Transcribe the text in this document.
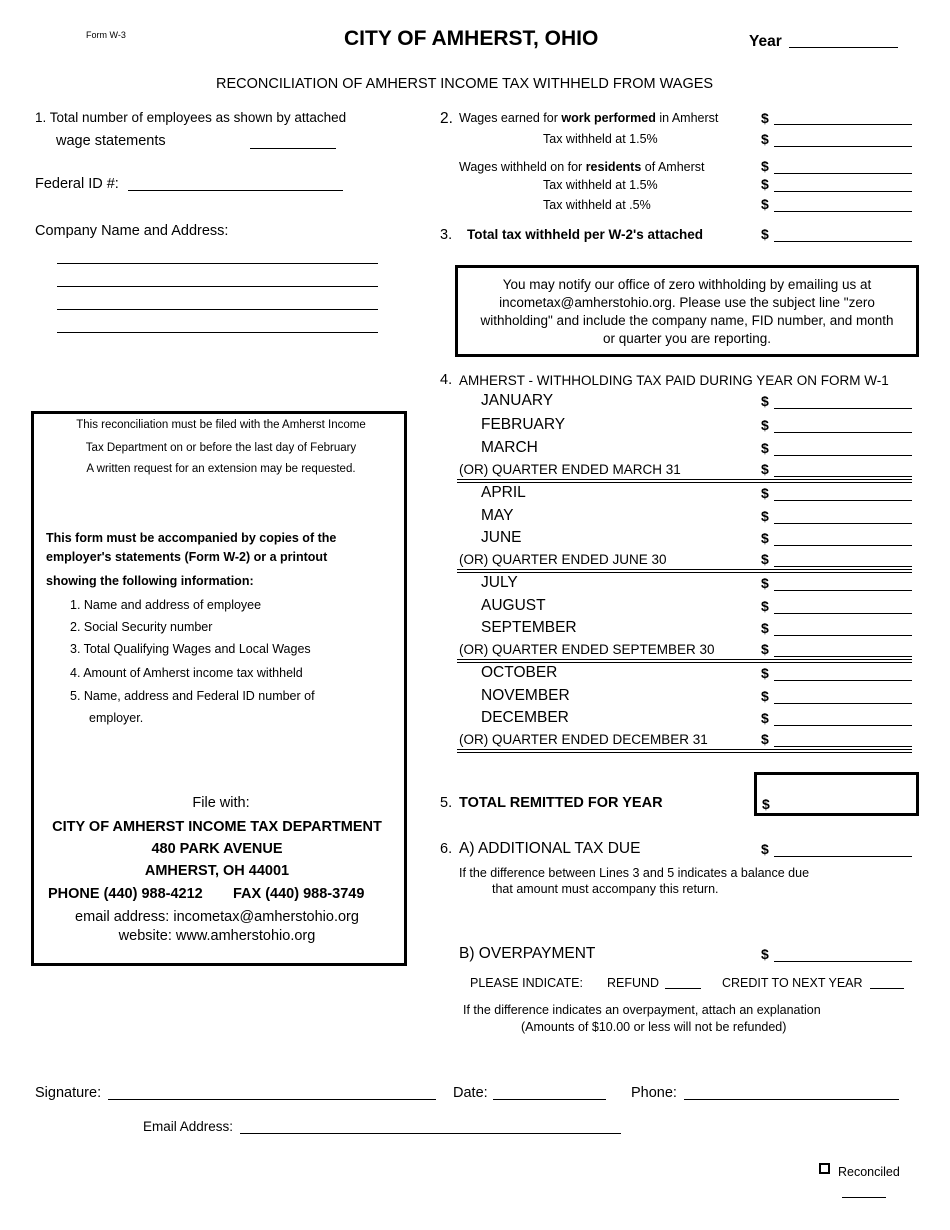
Form W-3	CITY OF AMHERST, OHIO	Year
RECONCILIATION OF AMHERST INCOME TAX WITHHELD FROM WAGES
1. Total number of employees as shown by attached
wage statements
Federal ID #:
Company Name and Address:
This reconciliation must be filed with the Amherst Income
Tax Department on or before the last day of February
A written request for an extension may be requested.
This form must be accompanied by copies of the
employer's statements (Form W-2) or a printout
showing the following information:
1. Name and address of employee
2. Social Security number
3. Total Qualifying Wages and Local Wages
4. Amount of Amherst income tax withheld
5. Name, address and Federal ID number of
employer.
File with:
CITY OF AMHERST INCOME TAX DEPARTMENT
480 PARK AVENUE
AMHERST, OH 44001
PHONE (440) 988-4212 FAX (440) 988-3749
email address: incometax@amherstohio.org
website: www.amherstohio.org
2. Wages earned for work performed in Amherst	$
Tax withheld at 1.5%	$
Wages withheld on for residents of Amherst	$
Tax withheld at 1.5%	$
Tax withheld at .5%	$
3. Total tax withheld per W-2's attached	$
You may notify our office of zero withholding by emailing us at incometax@amherstohio.org. Please use the subject line "zero withholding" and include the company name, FID number, and month or quarter you are reporting.
4. AMHERST - WITHHOLDING TAX PAID DURING YEAR ON FORM W-1
JANUARY	$
FEBRUARY	$
MARCH	$
(OR) QUARTER ENDED MARCH 31	$
APRIL	$
MAY	$
JUNE	$
(OR) QUARTER ENDED JUNE 30	$
JULY	$
AUGUST	$
SEPTEMBER	$
(OR) QUARTER ENDED SEPTEMBER 30	$
OCTOBER	$
NOVEMBER	$
DECEMBER	$
(OR) QUARTER ENDED DECEMBER 31	$
5. TOTAL REMITTED FOR YEAR	$
6. A) ADDITIONAL TAX DUE	$
If the difference between Lines 3 and 5 indicates a balance due
that amount must accompany this return.
B) OVERPAYMENT	$
PLEASE INDICATE: REFUND	CREDIT TO NEXT YEAR
If the difference indicates an overpayment, attach an explanation
(Amounts of $10.00 or less will not be refunded)
Signature:	Date:	Phone:
Email Address:
Reconciled
